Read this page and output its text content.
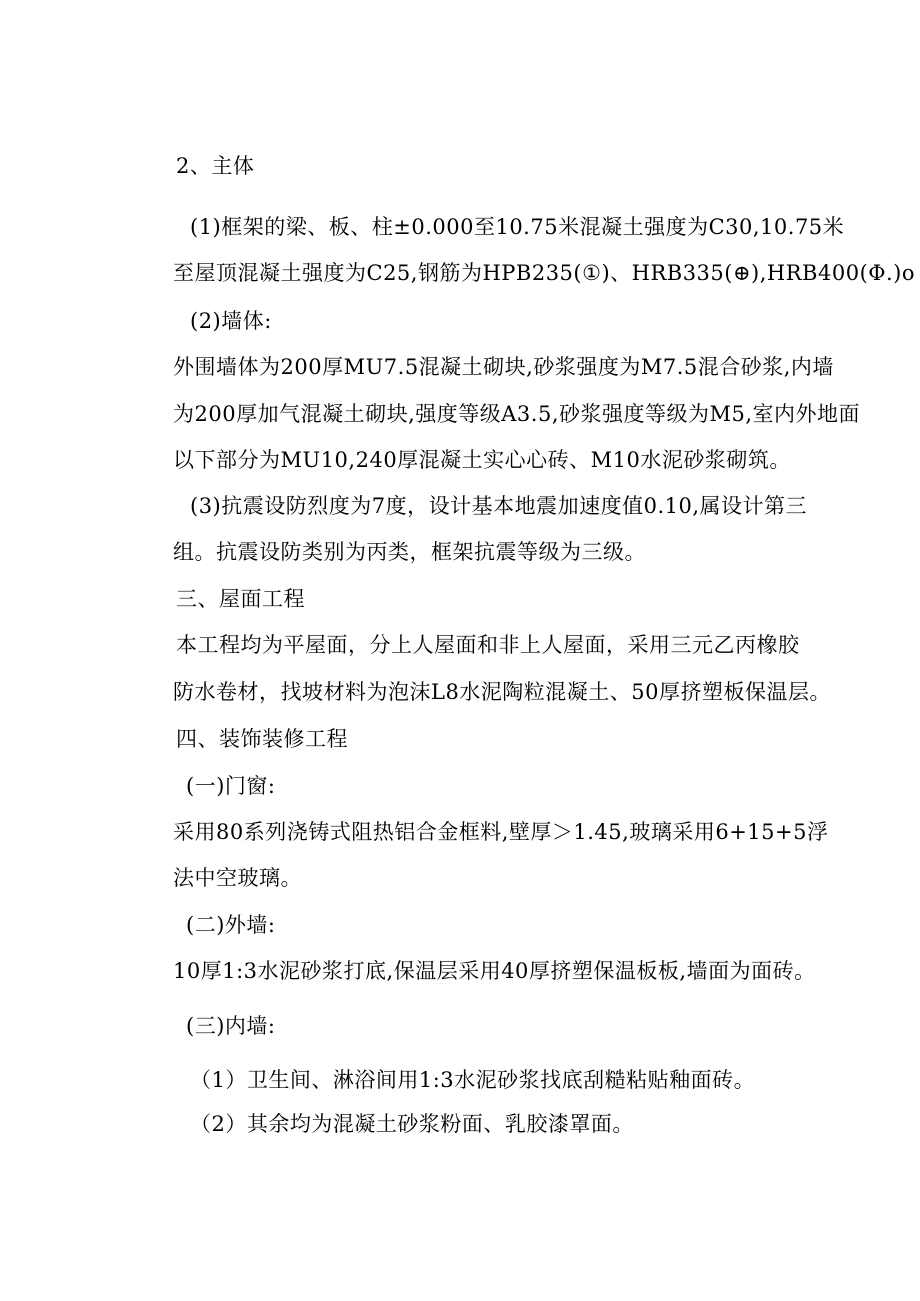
2、主体
(1)框架的梁、板、柱±0.000至10.75米混凝土强度为C30,10.75米
至屋顶混凝土强度为C25,钢筋为HPB235(①)、HRB335(⊕),HRB400(Φ.)o
(2)墙体:
外围墙体为200厚MU7.5混凝土砌块,砂浆强度为M7.5混合砂浆,内墙
为200厚加气混凝土砌块,强度等级A3.5,砂浆强度等级为M5,室内外地面
以下部分为MU10,240厚混凝土实心心砖、M10水泥砂浆砌筑。
(3)抗震设防烈度为7度，设计基本地震加速度值0.10,属设计第三
组。抗震设防类别为丙类，框架抗震等级为三级。
三、屋面工程
本工程均为平屋面，分上人屋面和非上人屋面，采用三元乙丙橡胶
防水卷材，找坡材料为泡沫L8水泥陶粒混凝土、50厚挤塑板保温层。
四、装饰装修工程
(一)门窗:
采用80系列浇铸式阻热铝合金框料,壁厚＞1.45,玻璃采用6+15+5浮
法中空玻璃。
(二)外墙:
10厚1:3水泥砂浆打底,保温层采用40厚挤塑保温板板,墙面为面砖。
(三)内墙:
（1）卫生间、淋浴间用1:3水泥砂浆找底刮糙粘贴釉面砖。
（2）其余均为混凝土砂浆粉面、乳胶漆罩面。
